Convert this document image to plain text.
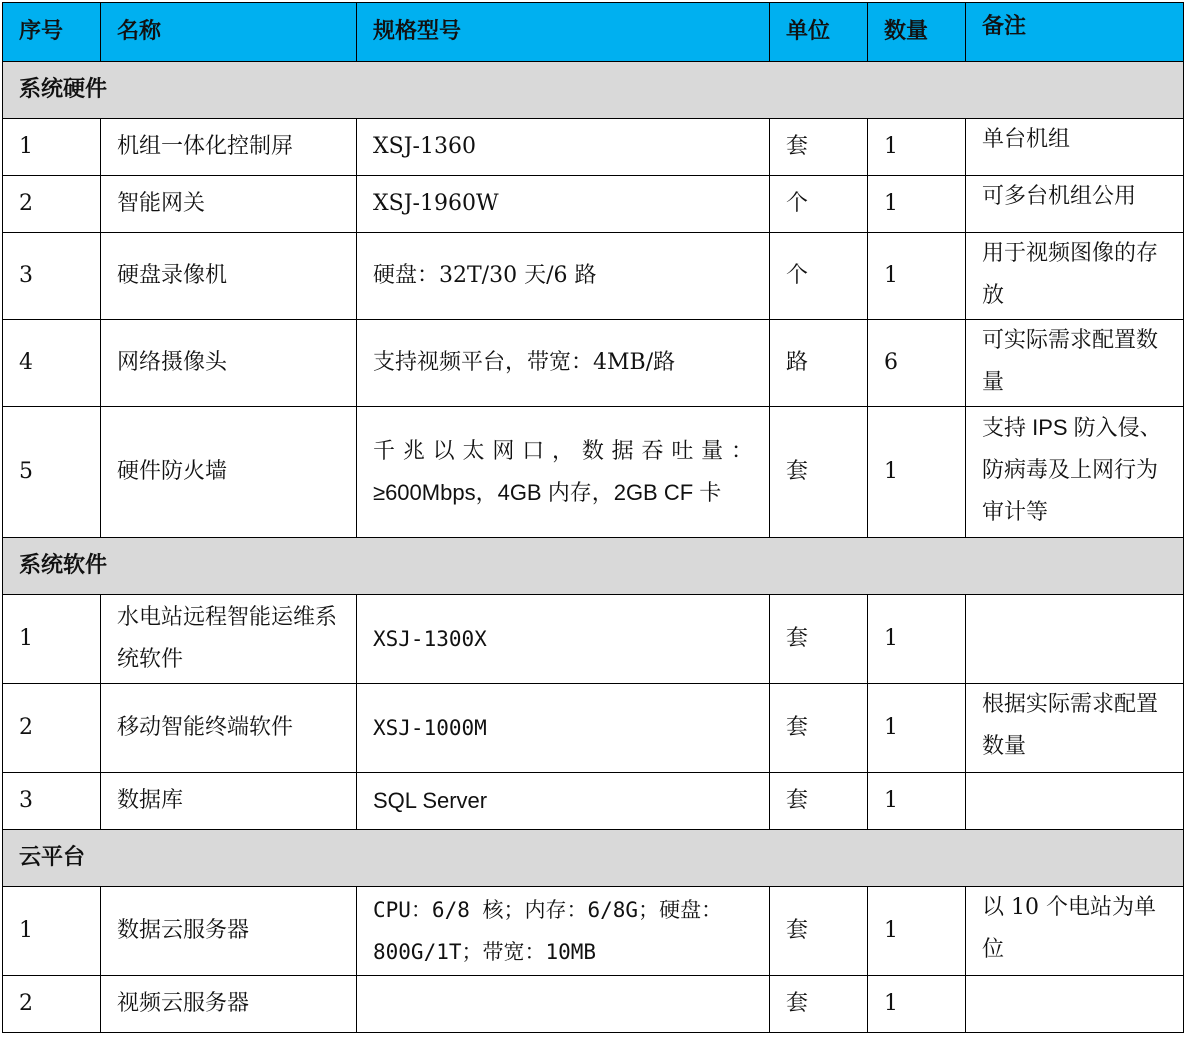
序号	名称	规格型号	单位	数量	备注
系统硬件					
1	机组一体化控制屏	XSJ-1360	套	1	单台机组
2	智能网关	XSJ-1960W	个	1	可多台机组公用
3	硬盘录像机	硬盘：32T/30 天/6 路	个	1	用于视频图像的存放
4	网络摄像头	支持视频平台，带宽：4MB/路	路	6	可实际需求配置数量
5	硬件防火墙	千兆以太网口，数据吞吐量：≥600Mbps，4GB 内存，2GB CF 卡	套	1	支持 IPS 防入侵、防病毒及上网行为审计等
系统软件					
1	水电站远程智能运维系统软件	XSJ-1300X	套	1	
2	移动智能终端软件	XSJ-1000M	套	1	根据实际需求配置数量
3	数据库	SQL Server	套	1	
云平台					
1	数据云服务器	CPU：6/8 核；内存：6/8G；硬盘：800G/1T；带宽：10MB	套	1	以 10 个电站为单位
2	视频云服务器		套	1	
